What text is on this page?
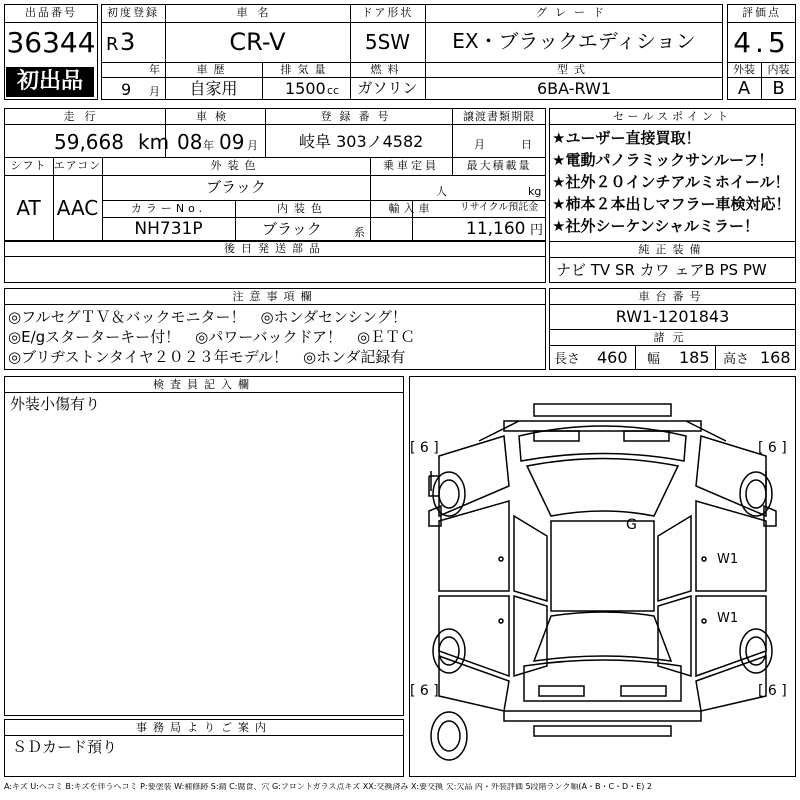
出品番号
36344
初出品
初度登録
R 3
年
9 月
車名
CR-V
ドア形状
5SW
グレード
EX・ブラックエディション
車歴
自家用
排気量
1500 cc
燃料
ガソリン
型式
6BA-RW1
評価点
4.5
外装	内装
A	B
走行
59,668 km
車検
08 年 09 月
登録番号
岐阜 303ノ4582
譲渡書類期限
月	日
シフト
AT
エアコン
AAC
外装色
ブラック
乗車定員
人
最大積載量
kg
カラーNo.
NH731P
内装色
ブラック	系
輸入車	リサイクル預託金
11,160 円
後日発送部品
セールスポイント
★ユーザー直接買取！
★電動パノラミックサンルーフ！
★社外２０インチアルミホイール！
★柿本２本出しマフラー車検対応！
★社外シーケンシャルミラー！
純正装備
ナビ TV SR カワ ェアB PS PW
注意事項欄
◎フルセグＴＶ＆バックモニター！　◎ホンダセンシング！
◎E/gスターターキー付！　◎パワーバックドア！　◎ＥＴＣ
◎ブリヂストンタイヤ２０２３年モデル！　◎ホンダ記録有
車台番号
RW1-1201843
諸元
長さ 460 幅 185 高さ 168
検査員記入欄
外装小傷有り
事務局よりご案内
ＳＤカード預り
[ 6 ]	[ 6 ]
[ 6 ]	[ 6 ]
G
W1
W1
A:キズ U:ヘコミ B:キズを伴うヘコミ P:要塗装 W:補修跡 S:錆 C:腐食、穴 G:フロントガラス点キズ XX:交換済み X:要交換 欠:欠品 内・外装評価 5段階ランク順(A・B・C・D・E) 2
